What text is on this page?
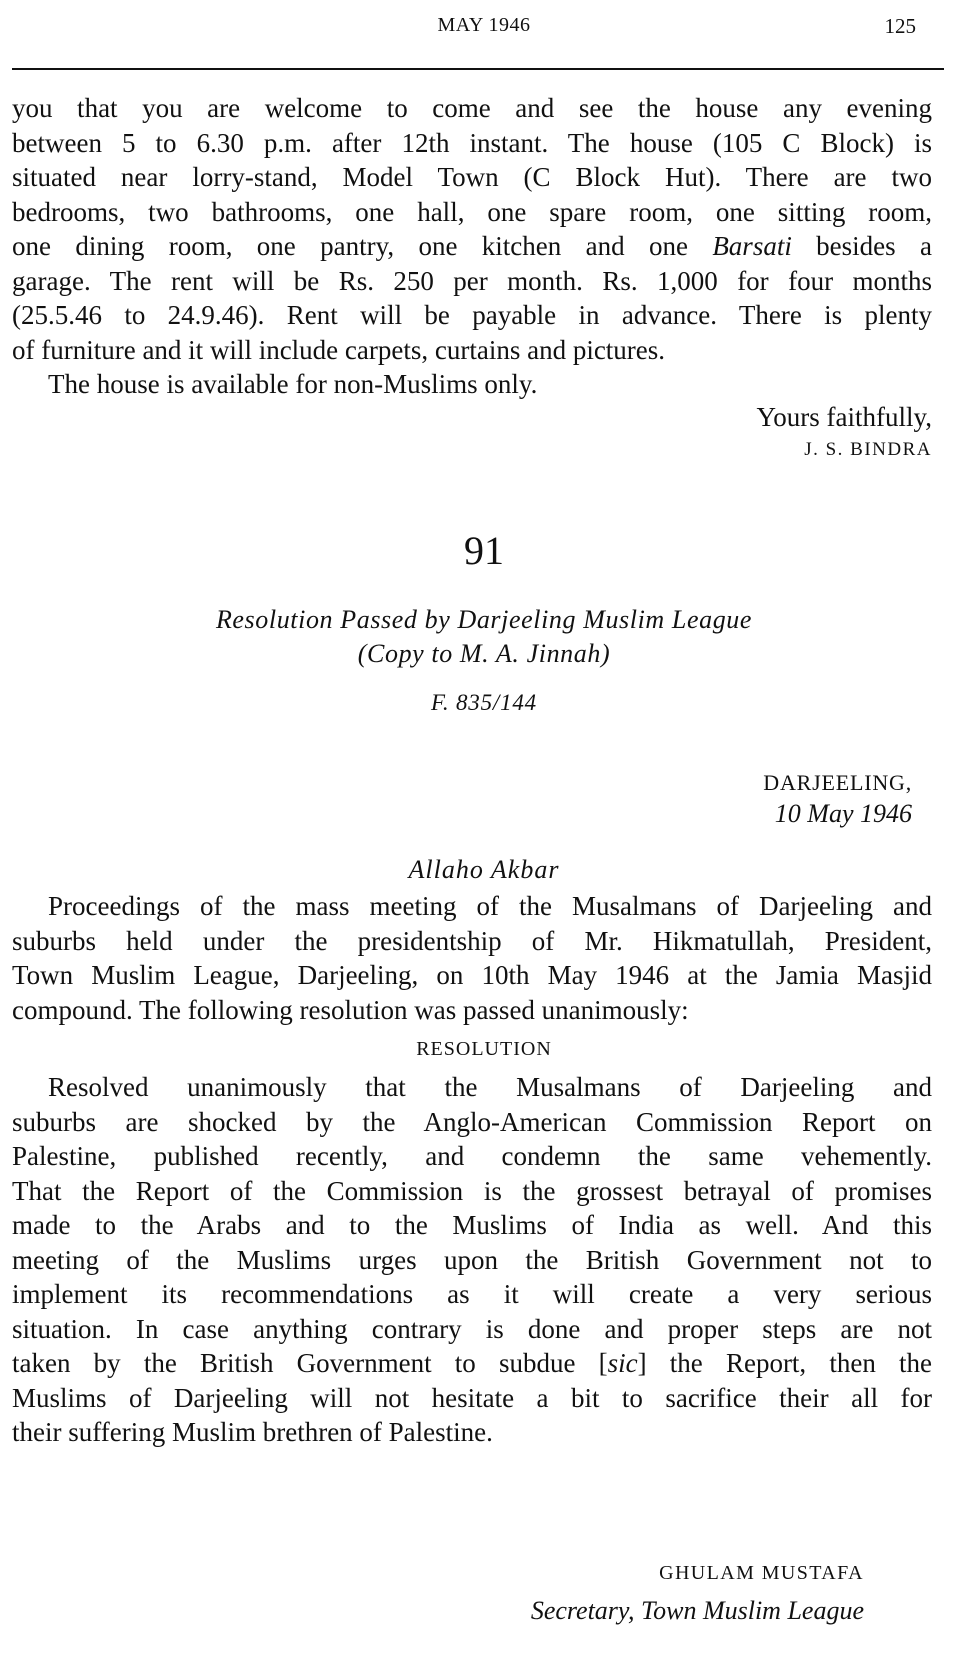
MAY 1946	125
you that you are welcome to come and see the house any evening
between 5 to 6.30 p.m. after 12th instant. The house (105 C Block) is
situated near lorry-stand, Model Town (C Block Hut). There are two
bedrooms, two bathrooms, one hall, one spare room, one sitting room,
one dining room, one pantry, one kitchen and one Barsati besides a
garage. The rent will be Rs. 250 per month. Rs. 1,000 for four months
(25.5.46 to 24.9.46). Rent will be payable in advance. There is plenty
of furniture and it will include carpets, curtains and pictures.
The house is available for non-Muslims only.
Yours faithfully,
J. S. BINDRA
91
Resolution Passed by Darjeeling Muslim League
(Copy to M. A. Jinnah)
F. 835/144
DARJEELING,
10 May 1946
Allaho Akbar
Proceedings of the mass meeting of the Musalmans of Darjeeling and
suburbs held under the presidentship of Mr. Hikmatullah, President,
Town Muslim League, Darjeeling, on 10th May 1946 at the Jamia Masjid
compound. The following resolution was passed unanimously:
RESOLUTION
Resolved unanimously that the Musalmans of Darjeeling and
suburbs are shocked by the Anglo-American Commission Report on
Palestine, published recently, and condemn the same vehemently.
That the Report of the Commission is the grossest betrayal of promises
made to the Arabs and to the Muslims of India as well. And this
meeting of the Muslims urges upon the British Government not to
implement its recommendations as it will create a very serious
situation. In case anything contrary is done and proper steps are not
taken by the British Government to subdue [sic] the Report, then the
Muslims of Darjeeling will not hesitate a bit to sacrifice their all for
their suffering Muslim brethren of Palestine.
GHULAM MUSTAFA
Secretary, Town Muslim League
